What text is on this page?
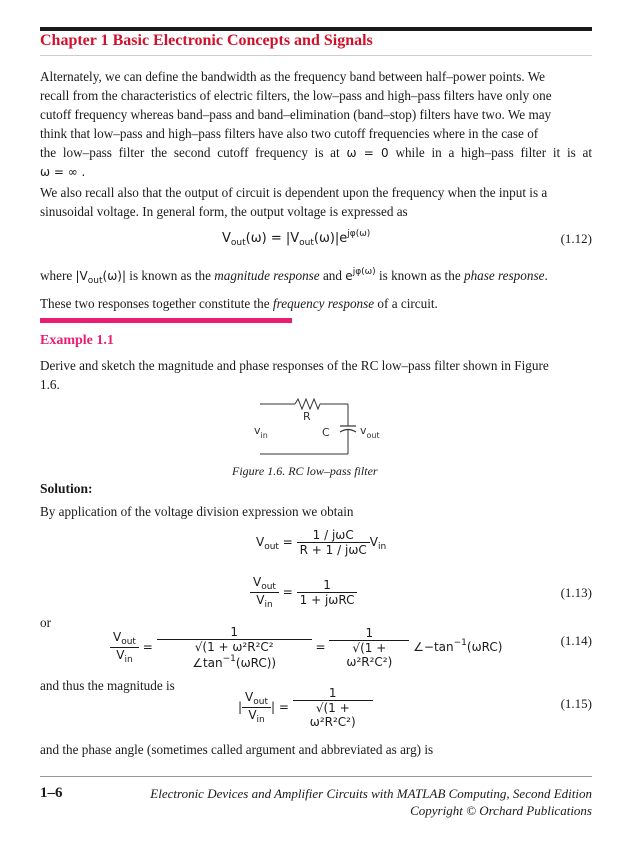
Chapter 1 Basic Electronic Concepts and Signals
Alternately, we can define the bandwidth as the frequency band between half–power points. We
recall from the characteristics of electric filters, the low–pass and high–pass filters have only one
cutoff frequency whereas band–pass and band–elimination (band–stop) filters have two. We may
think that low–pass and high–pass filters have also two cutoff frequencies where in the case of
the low–pass filter the second cutoff frequency is at ω = 0 while in a high–pass filter it is at
ω = ∞ .
We also recall also that the output of circuit is dependent upon the frequency when the input is a
sinusoidal voltage. In general form, the output voltage is expressed as
$V_{out}(\omega) = |V_{out}(\omega)|e^{j\varphi(\omega)}$	(1.12)
where $|V_{out}(\omega)|$ is known as the magnitude response and $e^{j\varphi(\omega)}$ is known as the phase response.
These two responses together constitute the frequency response of a circuit.
Example 1.1
Derive and sketch the magnitude and phase responses of the RC low–pass filter shown in Figure
1.6.
R
C
$v_{in}$	$v_{out}$
Figure 1.6. RC low–pass filter
Solution:
By application of the voltage division expression we obtain
$V_{out} = \frac{\text{1 / jωC}}{\text{R + 1 / jωC}} V_{in}$
$\frac{V_{out}}{V_{in}} = \frac{1}{\text{1 + jωRC}}$	(1.13)
or
$\frac{V_{out}}{V_{in}} = \frac{1}{√(1 + \omega^2R^2C^2 \angle\tan^{-1}(\omega RC))} = \frac{1}{\text{√(1 + ω²R²C²)}}$ $\angle-\tan^{-1}(\omega RC)$	(1.14)
and thus the magnitude is
| $\frac{V_{out}}{V_{in}}$ | = $\frac{1}{\text{√(1 + ω²R²C²)}}$	(1.15)
and the phase angle (sometimes called argument and abbreviated as arg) is
1–6	Electronic Devices and Amplifier Circuits with MATLAB Computing, Second Edition
Copyright © Orchard Publications
